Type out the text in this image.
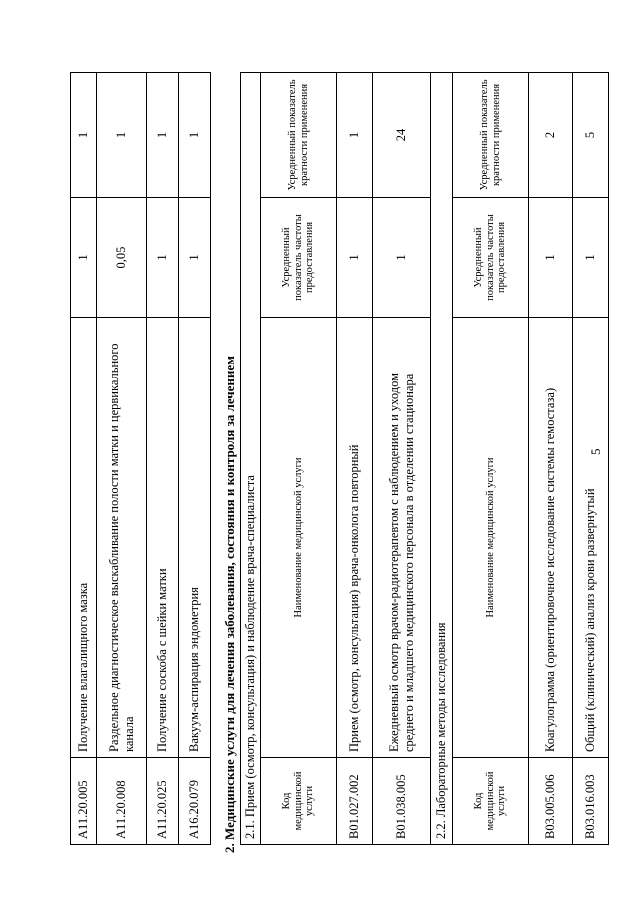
5
A11.20.005	Получение влагалищного мазка	1	1
A11.20.008	Раздельное диагностическое выскабливание полости матки и цервикального канала	0,05	1
A11.20.025	Получение соскоба с шейки матки	1	1
A16.20.079	Вакуум-аспирация эндометрия	1	1
2. Медицинские услуги для лечения заболевания, состояния и контроля за лечением 2.1. Прием (осмотр, консультация) и наблюдение врача-специалиста			
Код медицинской услуги	Наименование медицинской услуги	Усредненный показатель частоты предоставления	Усредненный показатель кратности применения
B01.027.002	Прием (осмотр, консультация) врача-онколога повторный	1	1
B01.038.005	Ежедневный осмотр врачом-радиотерапевтом с наблюдением и уходом среднего и младшего медицинского персонала в отделении стационара	1	24
2.2. Лабораторные методы исследования			
Код медицинской услуги	Наименование медицинской услуги	Усредненный показатель частоты предоставления	Усредненный показатель кратности применения
B03.005.006	Коагулограмма (ориентировочное исследование системы гемостаза)	1	2
B03.016.003	Общий (клинический) анализ крови развернутый	1	5
